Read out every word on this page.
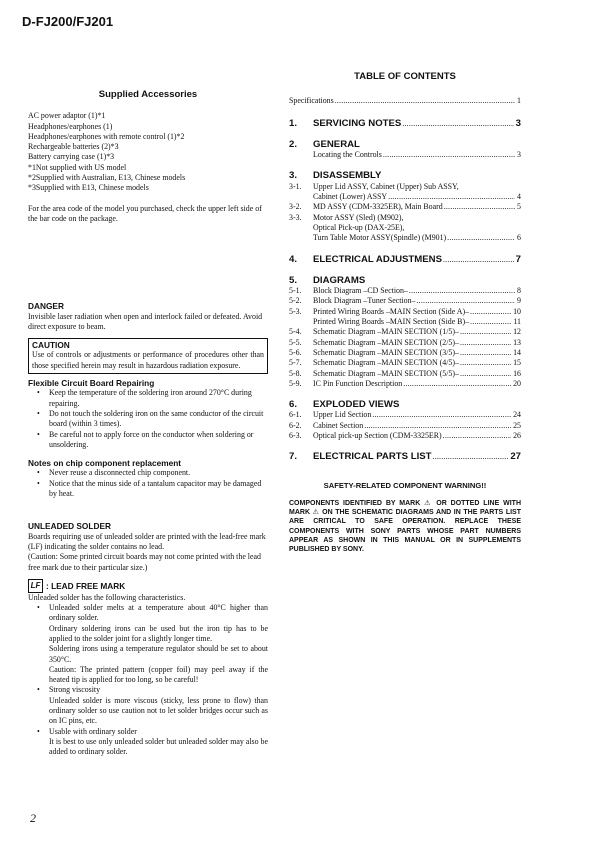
D-FJ200/FJ201
Supplied Accessories
AC power adaptor (1)*1
Headphones/earphones (1)
Headphones/earphones with remote control (1)*2
Rechargeable batteries (2)*3
Battery carrying case (1)*3
*1Not supplied with US model
*2Supplied with Australian, E13, Chinese models
*3Supplied with E13, Chinese models

For the area code of the model you purchased, check the upper left side of the bar code on the package.

DANGER

Invisible laser radiation when open and interlock failed or defeated. Avoid direct exposure to beam.

CAUTION

Use of controls or adjustments or performance of procedures other than those specified herein may result in hazardous radiation exposure.

Flexible Circuit Board Repairing

• Keep the temperature of the soldering iron around 270°C during repairing.
• Do not touch the soldering iron on the same conductor of the circuit board (within 3 times).
• Be careful not to apply force on the conductor when soldering or unsoldering.

Notes on chip component replacement

• Never reuse a disconnected chip component.
• Notice that the minus side of a tantalum capacitor may be damaged by heat.

UNLEADED SOLDER

Boards requiring use of unleaded solder are printed with the lead-free mark (LF) indicating the solder contains no lead.

(Caution: Some printed circuit boards may not come printed with the lead free mark due to their particular size.)

LF : LEAD FREE MARK

Unleaded solder has the following characteristics.

• Unleaded solder melts at a temperature about 40°C higher than ordinary solder.
Ordinary soldering irons can be used but the iron tip has to be applied to the solder joint for a slightly longer time.
Soldering irons using a temperature regulator should be set to about 350°C.
Caution: The printed pattern (copper foil) may peel away if the heated tip is applied for too long, so be careful!
• Strong viscosity
Unleaded solder is more viscous (sticky, less prone to flow) than ordinary solder so use caution not to let solder bridges occur such as on IC pins, etc.
• Usable with ordinary solder
It is best to use only unleaded solder but unleaded solder may also be added to ordinary solder.
TABLE OF CONTENTS
Specifications .....	1
1.	SERVICING NOTES .....	3
2.	GENERAL
Locating the Controls .....	3
3.	DISASSEMBLY
3-1.	Upper Lid ASSY, Cabinet (Upper) Sub ASSY,
Cabinet (Lower) ASSY .....	4
3-2.	MD ASSY (CDM-3325ER), Main Board .....	5
3-3.	Motor ASSY (Sled) (M902),
Optical Pick-up (DAX-25E),
Turn Table Motor ASSY(Spindle) (M901) .....	6
4.	ELECTRICAL ADJUSTMENS .....	7
5.	DIAGRAMS
5-1.	Block Diagram –CD Section– .....	8
5-2.	Block Diagram –Tuner Section– .....	9
5-3.	Printed Wiring Boards –MAIN Section (Side A)– .....	10
Printed Wiring Boards –MAIN Section (Side B)– .....	11
5-4.	Schematic Diagram –MAIN SECTION (1/5)– .....	12
5-5.	Schematic Diagram –MAIN SECTION (2/5)– .....	13
5-6.	Schematic Diagram –MAIN SECTION (3/5)– .....	14
5-7.	Schematic Diagram –MAIN SECTION (4/5)– .....	15
5-8.	Schematic Diagram –MAIN SECTION (5/5)– .....	16
5-9.	IC Pin Function Description .....	20
6.	EXPLODED VIEWS
6-1.	Upper Lid Section .....	24
6-2.	Cabinet Section .....	25
6-3.	Optical pick-up Section (CDM-3325ER) .....	26
7.	ELECTRICAL PARTS LIST .....	27

SAFETY-RELATED COMPONENT WARNING!!

COMPONENTS IDENTIFIED BY MARK ⚠ OR DOTTED LINE WITH MARK ⚠ ON THE SCHEMATIC DIAGRAMS AND IN THE PARTS LIST ARE CRITICAL TO SAFE OPERATION. REPLACE THESE COMPONENTS WITH SONY PARTS WHOSE PART NUMBERS APPEAR AS SHOWN IN THIS MANUAL OR IN SUPPLEMENTS PUBLISHED BY SONY.

2
